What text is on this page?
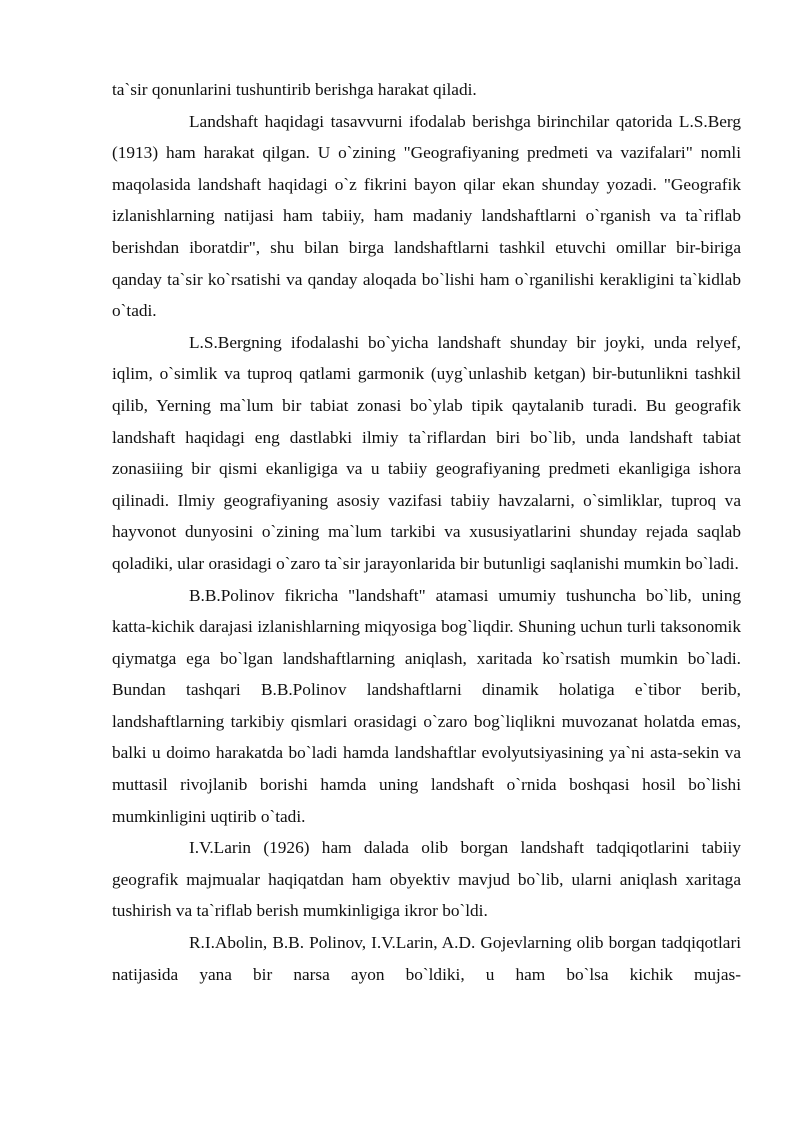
ta`sir qonunlarini tushuntirib berishga harakat qiladi.

Landshaft haqidagi tasavvurni ifodalab berishga birinchilar qatorida L.S.Berg (1913) ham harakat qilgan. U o`zining "Geografiyaning predmeti va vazifalari" nomli maqolasida landshaft haqidagi o`z fikrini bayon qilar ekan shunday yozadi. "Geografik izlanishlarning natijasi ham tabiiy, ham madaniy landshaftlarni o`rganish va ta`riflab berishdan iboratdir", shu bilan birga landshaftlarni tashkil etuvchi omillar bir-biriga qanday ta`sir ko`rsatishi va qanday aloqada bo`lishi ham o`rganilishi kerakligini ta`kidlab o`tadi.

L.S.Bergning ifodalashi bo`yicha landshaft shunday bir joyki, unda relyef, iqlim, o`simlik va tuproq qatlami garmonik (uyg`unlashib ketgan) bir-butunlikni tashkil qilib, Yerning ma`lum bir tabiat zonasi bo`ylab tipik qaytalanib turadi. Bu geografik landshaft haqidagi eng dastlabki ilmiy ta`riflardan biri bo`lib, unda landshaft tabiat zonasiiing bir qismi ekanligiga va u tabiiy geografiyaning predmeti ekanligiga ishora qilinadi. Ilmiy geografiyaning asosiy vazifasi tabiiy havzalarni, o`simliklar, tuproq va hayvonot dunyosini o`zining ma`lum tarkibi va xususiyatlarini shunday rejada saqlab qoladiki, ular orasidagi o`zaro ta`sir jarayonlarida bir butunligi saqlanishi mumkin bo`ladi.

B.B.Polinov fikricha "landshaft" atamasi umumiy tushuncha bo`lib, uning katta-kichik darajasi izlanishlarning miqyosiga bog`liqdir. Shuning uchun turli taksonomik qiymatga ega bo`lgan landshaftlarning aniqlash, xaritada ko`rsatish mumkin bo`ladi. Bundan tashqari B.B.Polinov landshaftlarni dinamik holatiga e`tibor berib, landshaftlarning tarkibiy qismlari orasidagi o`zaro bog`liqlikni muvozanat holatda emas, balki u doimo harakatda bo`ladi hamda landshaftlar evolyutsiyasining ya`ni asta-sekin va muttasil rivojlanib borishi hamda uning landshaft o`rnida boshqasi hosil bo`lishi mumkinligini uqtirib o`tadi.

I.V.Larin (1926) ham dalada olib borgan landshaft tadqiqotlarini tabiiy geografik majmualar haqiqatdan ham obyektiv mavjud bo`lib, ularni aniqlash xaritaga tushirish va ta`riflab berish mumkinligiga ikror bo`ldi.

R.I.Abolin, B.B. Polinov, I.V.Larin, A.D. Gojevlarning olib borgan tadqiqotlari natijasida yana bir narsa ayon bo`ldiki, u ham bo`lsa kichik mujas-
